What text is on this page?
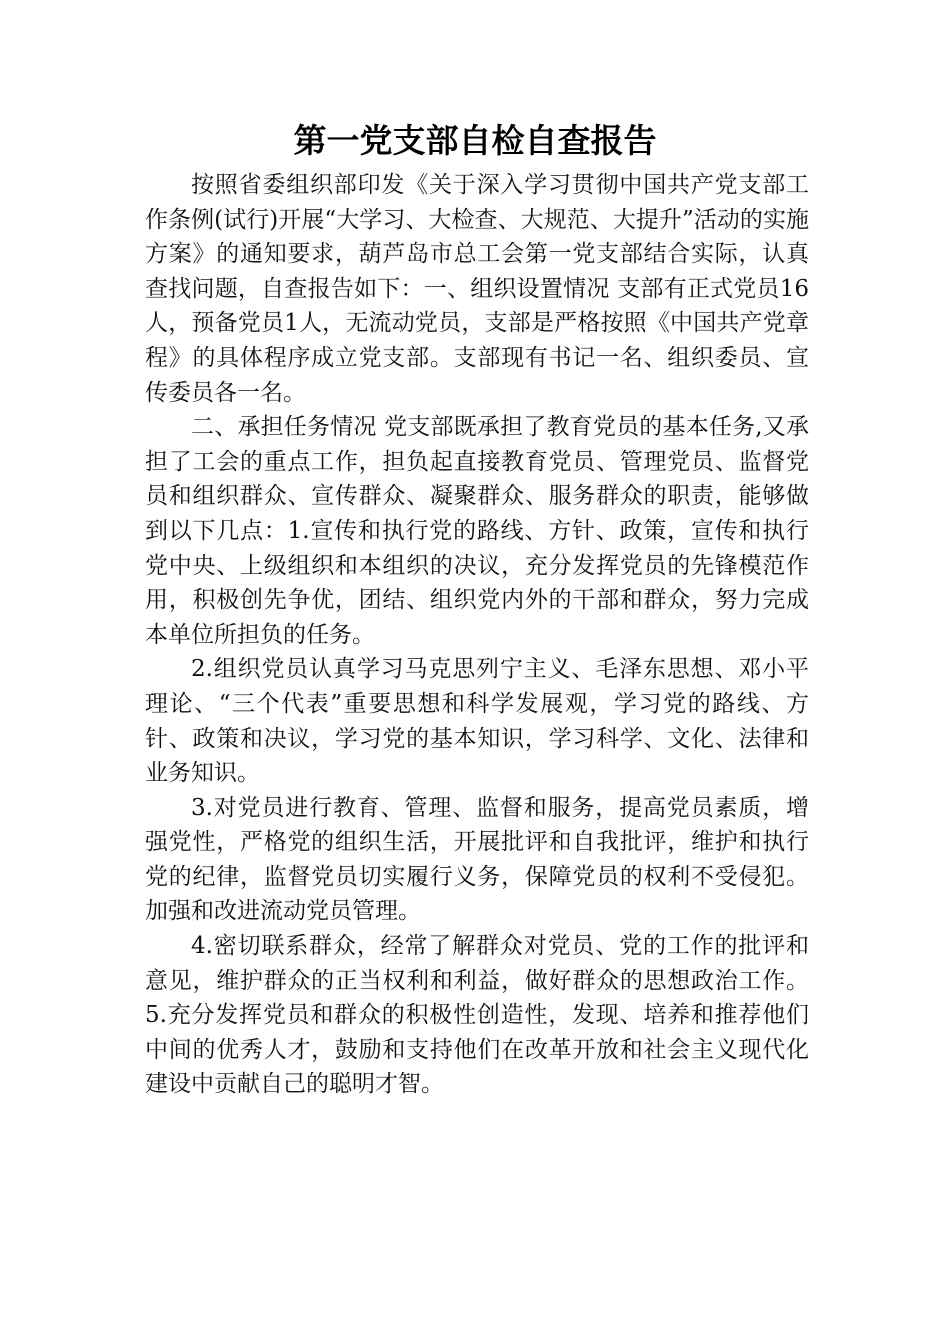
第一党支部自检自查报告

按照省委组织部印发《关于深入学习贯彻中国共产党支部工作条例(试行)开展“大学习、大检查、大规范、大提升”活动的实施方案》的通知要求，葫芦岛市总工会第一党支部结合实际，认真查找问题，自查报告如下：一、组织设置情况 支部有正式党员16 人，预备党员1人，无流动党员，支部是严格按照《中国共产党章程》的具体程序成立党支部。支部现有书记一名、组织委员、宣传委员各一名。

二、承担任务情况 党支部既承担了教育党员的基本任务,又承担了工会的重点工作，担负起直接教育党员、管理党员、监督党员和组织群众、宣传群众、凝聚群众、服务群众的职责，能够做到以下几点：1.宣传和执行党的路线、方针、政策，宣传和执行党中央、上级组织和本组织的决议，充分发挥党员的先锋模范作用，积极创先争优，团结、组织党内外的干部和群众，努力完成本单位所担负的任务。

2.组织党员认真学习马克思列宁主义、毛泽东思想、邓小平理论、“三个代表”重要思想和科学发展观，学习党的路线、方针、政策和决议，学习党的基本知识，学习科学、文化、法律和业务知识。

3.对党员进行教育、管理、监督和服务，提高党员素质，增强党性，严格党的组织生活，开展批评和自我批评，维护和执行党的纪律，监督党员切实履行义务，保障党员的权利不受侵犯。加强和改进流动党员管理。

4.密切联系群众，经常了解群众对党员、党的工作的批评和意见，维护群众的正当权利和利益，做好群众的思想政治工作。 5.充分发挥党员和群众的积极性创造性，发现、培养和推荐他们中间的优秀人才，鼓励和支持他们在改革开放和社会主义现代化建设中贡献自己的聪明才智。
